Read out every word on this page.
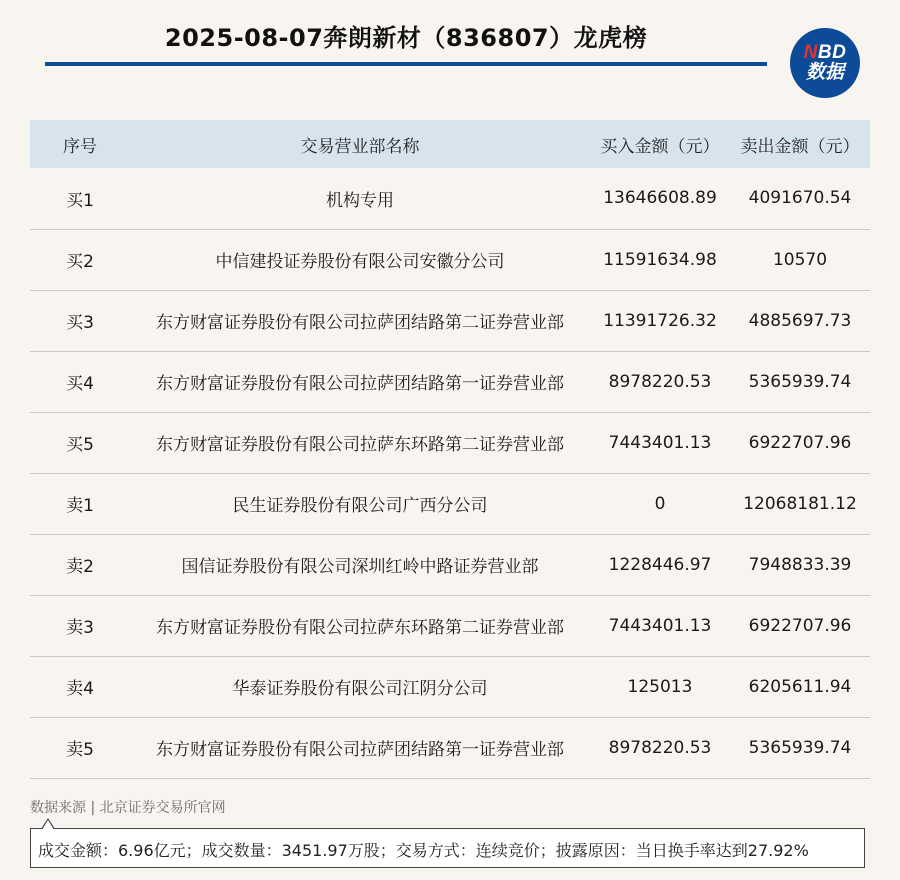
2025-08-07奔朗新材（836807）龙虎榜
NBD
数据
序号	交易营业部名称	买入金额（元）	卖出金额（元）
买1	机构专用	13646608.89	4091670.54
买2	中信建投证券股份有限公司安徽分公司	11591634.98	10570
买3	东方财富证券股份有限公司拉萨团结路第二证券营业部	11391726.32	4885697.73
买4	东方财富证券股份有限公司拉萨团结路第一证券营业部	8978220.53	5365939.74
买5	东方财富证券股份有限公司拉萨东环路第二证券营业部	7443401.13	6922707.96
卖1	民生证券股份有限公司广西分公司	0	12068181.12
卖2	国信证券股份有限公司深圳红岭中路证券营业部	1228446.97	7948833.39
卖3	东方财富证券股份有限公司拉萨东环路第二证券营业部	7443401.13	6922707.96
卖4	华泰证券股份有限公司江阴分公司	125013	6205611.94
卖5	东方财富证券股份有限公司拉萨团结路第一证券营业部	8978220.53	5365939.74
数据来源 | 北京证券交易所官网
成交金额：6.96亿元；成交数量：3451.97万股；交易方式：连续竞价；披露原因：当日换手率达到27.92%
